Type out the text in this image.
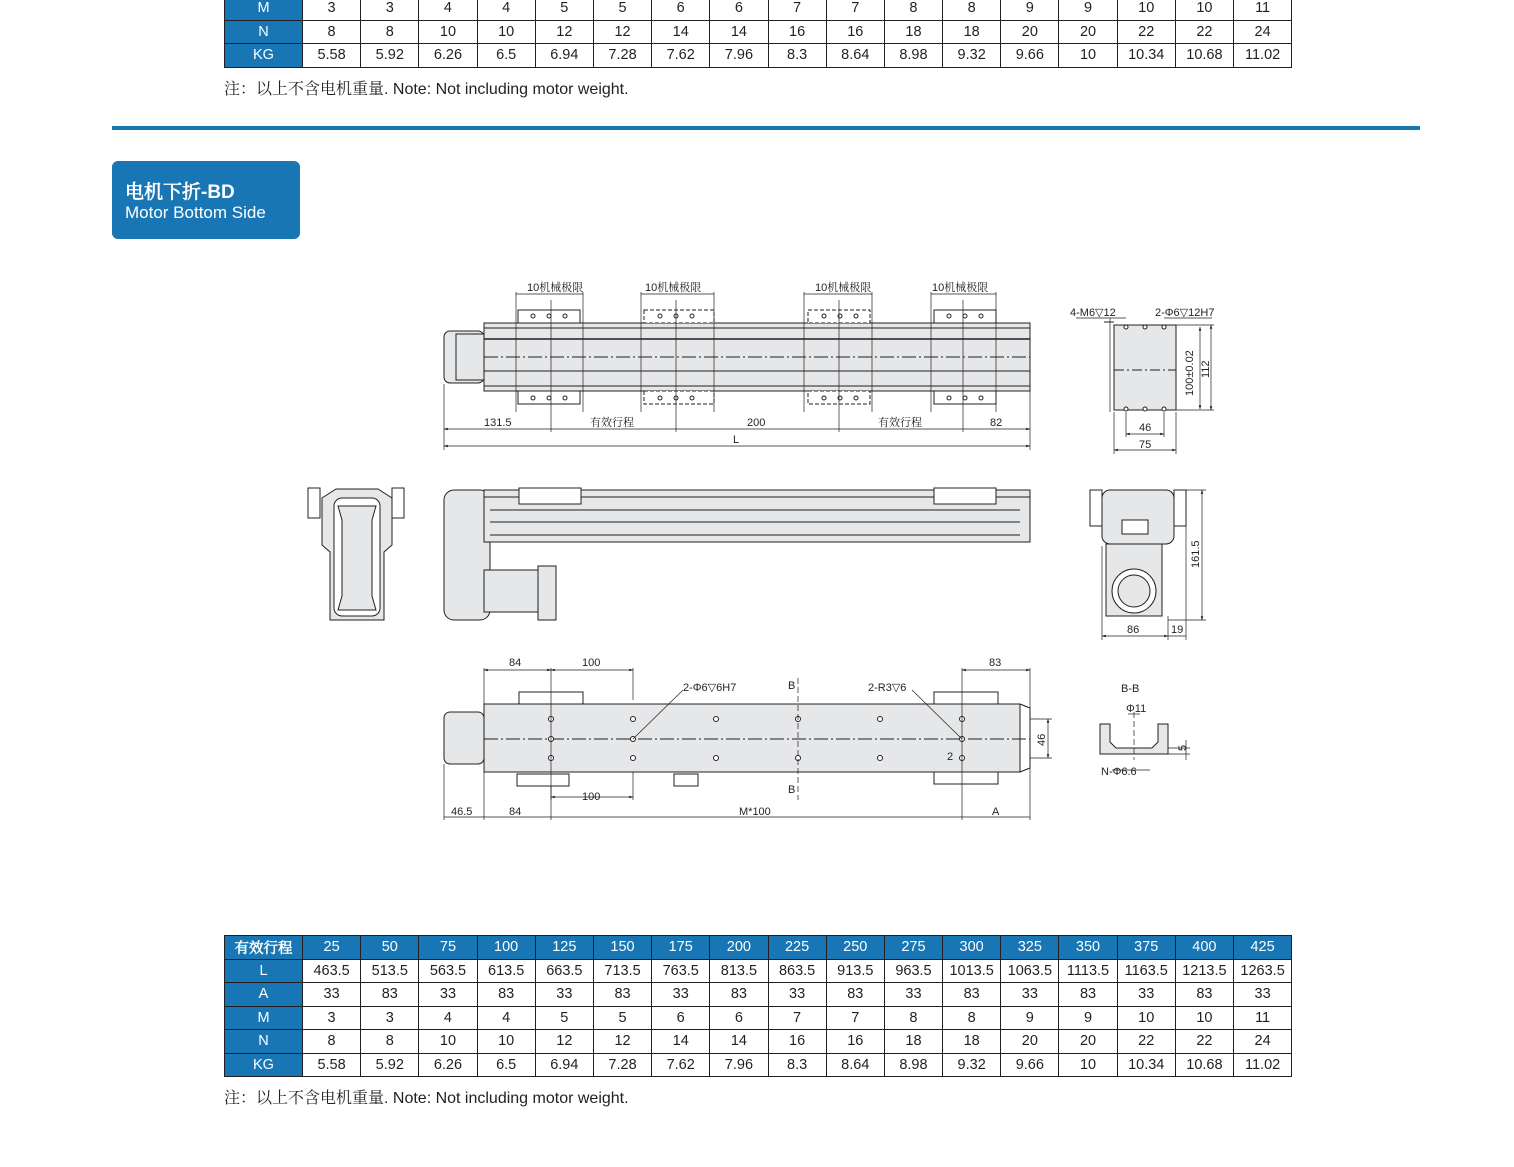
M	3	3	4	4	5	5	6	6	7	7	8	8	9	9	10	10	11
N	8	8	10	10	12	12	14	14	16	16	18	18	20	20	22	22	24
KG	5.58	5.92	6.26	6.5	6.94	7.28	7.62	7.96	8.3	8.64	8.98	9.32	9.66	10	10.34	10.68	11.02
注：以上不含电机重量. Note: Not including motor weight.
电机下折-BD
Motor Bottom Side
10机械极限	10机械极限	10机械极限	10机械极限
131.5	有效行程	200	有效行程	82
L
4-M6▽12	2-Φ6▽12H7
100±0.02 112
46
75
161.5
86	19
84	100	83
2-Φ6▽6H7	B	2-R3▽6
2
B
100
46
46.5	84	M*100	A
B-B
Φ11
5
N-Φ6.6
有效行程	25	50	75	100	125	150	175	200	225	250	275	300	325	350	375	400	425
L	463.5	513.5	563.5	613.5	663.5	713.5	763.5	813.5	863.5	913.5	963.5	1013.5	1063.5	1113.5	1163.5	1213.5	1263.5
A	33	83	33	83	33	83	33	83	33	83	33	83	33	83	33	83	33
M	3	3	4	4	5	5	6	6	7	7	8	8	9	9	10	10	11
N	8	8	10	10	12	12	14	14	16	16	18	18	20	20	22	22	24
KG	5.58	5.92	6.26	6.5	6.94	7.28	7.62	7.96	8.3	8.64	8.98	9.32	9.66	10	10.34	10.68	11.02
注：以上不含电机重量. Note: Not including motor weight.
